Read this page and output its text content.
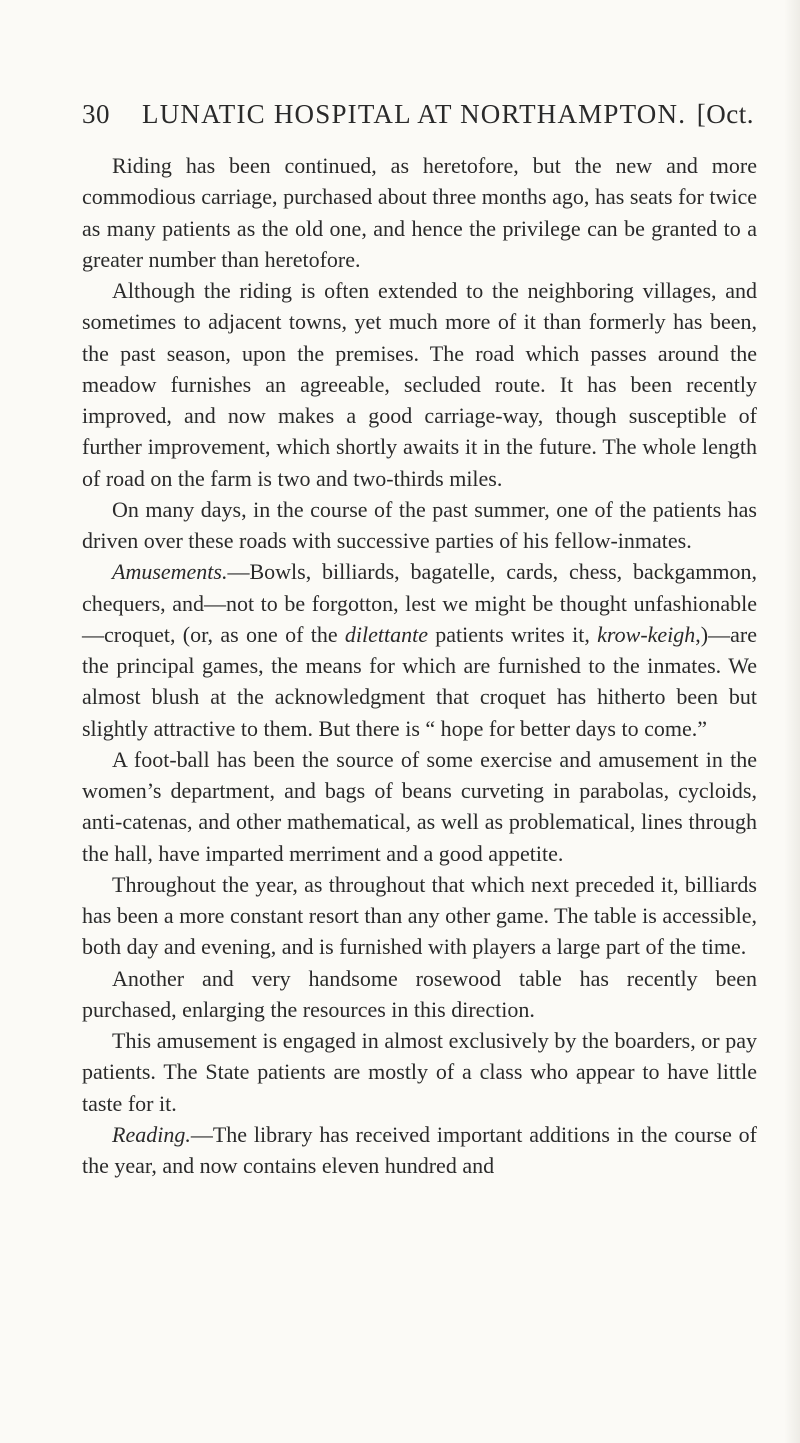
30 LUNATIC HOSPITAL AT NORTHAMPTON. [Oct.

Riding has been continued, as heretofore, but the new and more commodious carriage, purchased about three months ago, has seats for twice as many patients as the old one, and hence the privilege can be granted to a greater number than heretofore.

Although the riding is often extended to the neighboring villages, and sometimes to adjacent towns, yet much more of it than formerly has been, the past season, upon the premises. The road which passes around the meadow furnishes an agreeable, secluded route. It has been recently improved, and now makes a good carriage-way, though susceptible of further improvement, which shortly awaits it in the future. The whole length of road on the farm is two and two-thirds miles.

On many days, in the course of the past summer, one of the patients has driven over these roads with successive parties of his fellow-inmates.

Amusements.—Bowls, billiards, bagatelle, cards, chess, backgammon, chequers, and—not to be forgotton, lest we might be thought unfashionable—croquet, (or, as one of the dilettante patients writes it, krow-keigh,)—are the principal games, the means for which are furnished to the inmates. We almost blush at the acknowledgment that croquet has hitherto been but slightly attractive to them. But there is “ hope for better days to come.”

A foot-ball has been the source of some exercise and amusement in the women’s department, and bags of beans curveting in parabolas, cycloids, anti-catenas, and other mathematical, as well as problematical, lines through the hall, have imparted merriment and a good appetite.

Throughout the year, as throughout that which next preceded it, billiards has been a more constant resort than any other game. The table is accessible, both day and evening, and is furnished with players a large part of the time.

Another and very handsome rosewood table has recently been purchased, enlarging the resources in this direction.

This amusement is engaged in almost exclusively by the boarders, or pay patients. The State patients are mostly of a class who appear to have little taste for it.

Reading.—The library has received important additions in the course of the year, and now contains eleven hundred and
